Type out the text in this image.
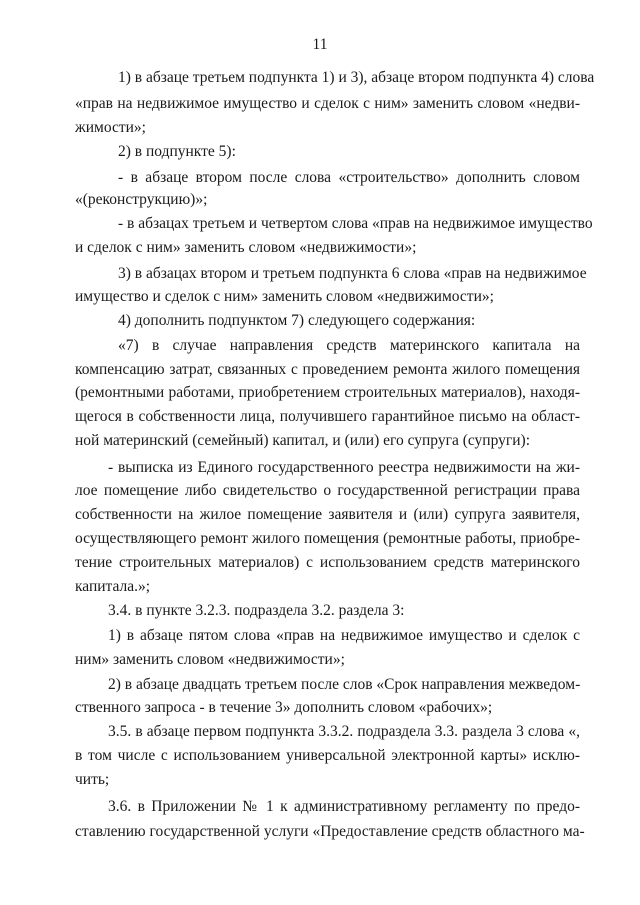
11
1) в абзаце третьем подпункта 1) и 3), абзаце втором подпункта 4) слова
«прав на недвижимое имущество и сделок с ним» заменить словом «недви-
жимости»;
2) в подпункте 5):
- в абзаце втором после слова «строительство» дополнить словом
«(реконструкцию)»;
- в абзацах третьем и четвертом слова «прав на недвижимое имущество
и сделок с ним» заменить словом «недвижимости»;
3) в абзацах втором и третьем подпункта 6 слова «прав на недвижимое
имущество и сделок с ним» заменить словом «недвижимости»;
4) дополнить подпунктом 7) следующего содержания:
«7) в случае направления средств материнского капитала на
компенсацию затрат, связанных с проведением ремонта жилого помещения
(ремонтными работами, приобретением строительных материалов), находя-
щегося в собственности лица, получившего гарантийное письмо на област-
ной материнский (семейный) капитал, и (или) его супруга (супруги):
- выписка из Единого государственного реестра недвижимости на жи-
лое помещение либо свидетельство о государственной регистрации права
собственности на жилое помещение заявителя и (или) супруга заявителя,
осуществляющего ремонт жилого помещения (ремонтные работы, приобре-
тение строительных материалов) с использованием средств материнского
капитала.»;
3.4. в пункте 3.2.3. подраздела 3.2. раздела 3:
1) в абзаце пятом слова «прав на недвижимое имущество и сделок с
ним» заменить словом «недвижимости»;
2) в абзаце двадцать третьем после слов «Срок направления межведом-
ственного запроса - в течение 3» дополнить словом «рабочих»;
3.5. в абзаце первом подпункта 3.3.2. подраздела 3.3. раздела 3 слова «,
в том числе с использованием универсальной электронной карты» исклю-
чить;
3.6. в Приложении № 1 к административному регламенту по предо-
ставлению государственной услуги «Предоставление средств областного ма-
